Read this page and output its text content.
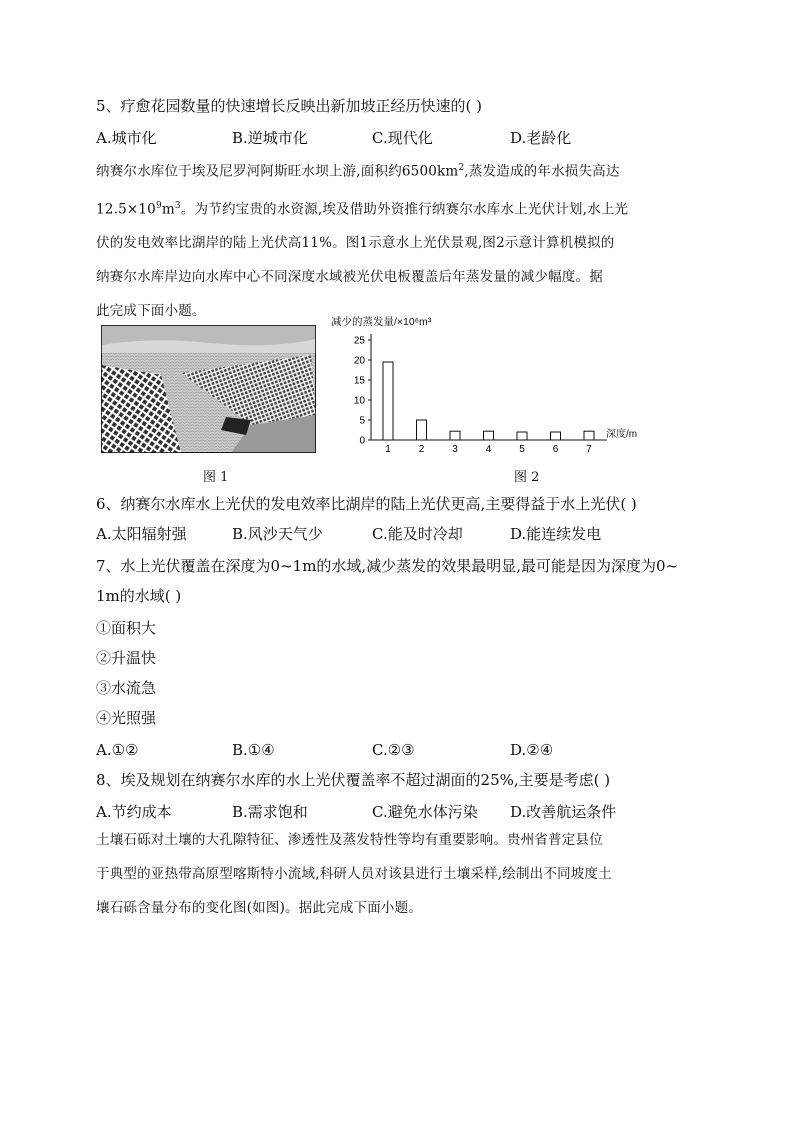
5、疗愈花园数量的快速增长反映出新加坡正经历快速的( )
A.城市化	B.逆城市化	C.现代化	D.老龄化
纳赛尔水库位于埃及尼罗河阿斯旺水坝上游,面积约$6500km^2$,蒸发造成的年水损失高达
$12.5\times 10^9m^3$。为节约宝贵的水资源,埃及借助外资推行纳赛尔水库水上光伏计划,水上光
伏的发电效率比湖岸的陆上光伏高11%。图1示意水上光伏景观,图2示意计算机模拟的
纳赛尔水库岸边向水库中心不同深度水域被光伏电板覆盖后年蒸发量的减少幅度。据
此完成下面小题。
图 1
减少的蒸发量/×10⁶m³
深度/m
0
5
10
15
20
25
1	2	3	4	5	6	7
图 2
6、纳赛尔水库水上光伏的发电效率比湖岸的陆上光伏更高,主要得益于水上光伏( )
A.太阳辐射强	B.风沙天气少	C.能及时冷却	D.能连续发电
7、水上光伏覆盖在深度为0~1m的水域,减少蒸发的效果最明显,最可能是因为深度为0~
1m的水域( )
①面积大
②升温快
③水流急
④光照强
A.①②	B.①④	C.②③	D.②④
8、埃及规划在纳赛尔水库的水上光伏覆盖率不超过湖面的25%,主要是考虑( )
A.节约成本	B.需求饱和	C.避免水体污染 D.改善航运条件
土壤石砾对土壤的大孔隙特征、渗透性及蒸发特性等均有重要影响。贵州省普定县位
于典型的亚热带高原型喀斯特小流域,科研人员对该县进行土壤采样,绘制出不同坡度土
壤石砾含量分布的变化图(如图)。据此完成下面小题。
